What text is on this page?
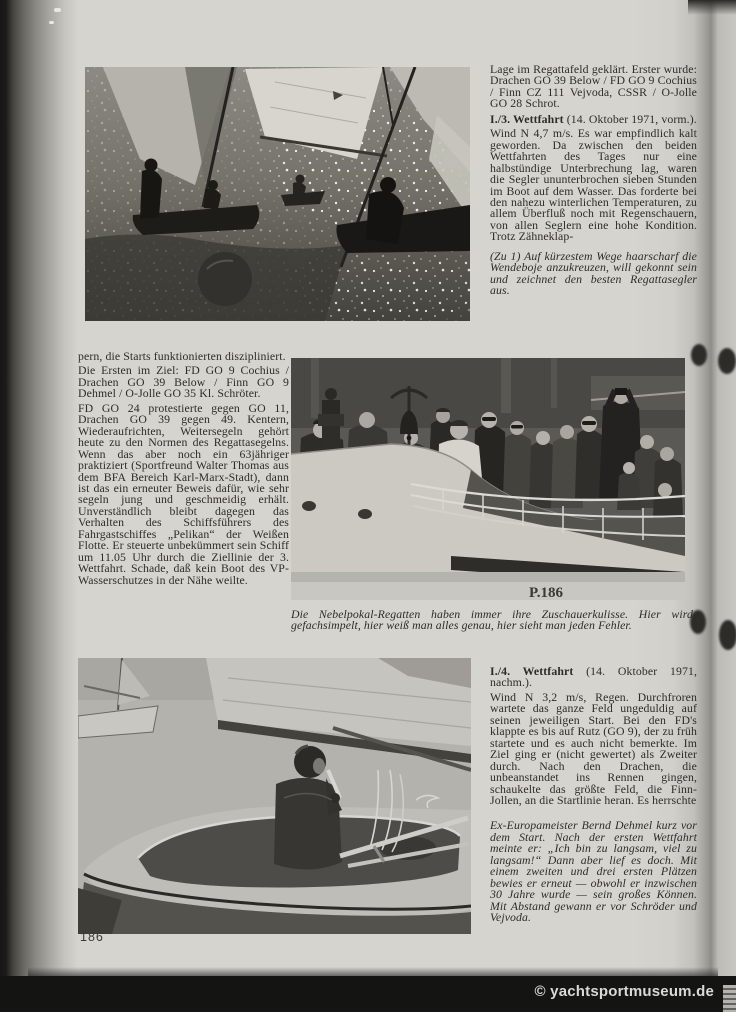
Lage im Regattafeld geklärt. Erster wurde: Drachen GO 39 Below / FD GO 9 Cochius / Finn CZ 111 Vejvoda, CSSR / O-Jolle GO 28 Schrot.

I./3. Wettfahrt (14. Oktober 1971, vorm.).

Wind N 4,7 m/s. Es war empfindlich kalt geworden. Da zwischen den beiden Wettfahrten des Tages nur eine halbstündige Unterbrechung lag, waren die Segler ununterbrochen sieben Stunden im Boot auf dem Wasser. Das forderte bei den nahezu winterlichen Temperaturen, zu allem Überfluß noch mit Regenschauern, von allen Seglern eine hohe Kondition. Trotz Zähneklap-

(Zu 1) Auf kürzestem Wege haarscharf die Wendeboje anzukreuzen, will gekonnt sein und zeichnet den besten Regattasegler aus.

pern, die Starts funktionierten diszipliniert.

Die Ersten im Ziel: FD GO 9 Cochius / Drachen GO 39 Below / Finn GO 9 Dehmel / O-Jolle GO 35 Kl. Schröter.

FD GO 24 protestierte gegen GO 11, Drachen GO 39 gegen 49. Kentern, Wiederaufrichten, Weitersegeln gehört heute zu den Normen des Regattasegelns. Wenn das aber noch ein 63jähriger praktiziert (Sportfreund Walter Thomas aus dem BFA Bereich Karl-Marx-Stadt), dann ist das ein erneuter Beweis dafür, wie sehr segeln jung und geschmeidig erhält. Unverständlich bleibt dagegen das Verhalten des Schiffsführers des Fahrgastschiffes „Pelikan“ der Weißen Flotte. Er steuerte unbekümmert sein Schiff um 11.05 Uhr durch die Ziellinie der 3. Wettfahrt. Schade, daß kein Boot des VP-Wasserschutzes in der Nähe weilte.

P.186

Die Nebelpokal-Regatten haben immer ihre Zuschauerkulisse. Hier wird gefachsimpelt, hier weiß man alles genau, hier sieht man jeden Fehler.

I./4. Wettfahrt (14. Oktober 1971, nachm.).

Wind N 3,2 m/s, Regen. Durchfroren wartete das ganze Feld ungeduldig auf seinen jeweiligen Start. Bei den FD's klappte es bis auf Rutz (GO 9), der zu früh startete und es auch nicht bemerkte. Im Ziel ging er (nicht gewertet) als Zweiter durch. Nach den Drachen, die unbeanstandet ins Rennen gingen, schaukelte das größte Feld, die Finn-Jollen, an die Startlinie heran. Es herrschte

Ex-Europameister Bernd Dehmel kurz vor dem Start. Nach der ersten Wettfahrt meinte er: „Ich bin zu langsam, viel zu langsam!“ Dann aber lief es doch. Mit einem zweiten und drei ersten Plätzen bewies er erneut — obwohl er inzwischen 30 Jahre wurde — sein großes Können. Mit Abstand gewann er vor Schröder und Vejvoda.

186
© yachtsportmuseum.de
